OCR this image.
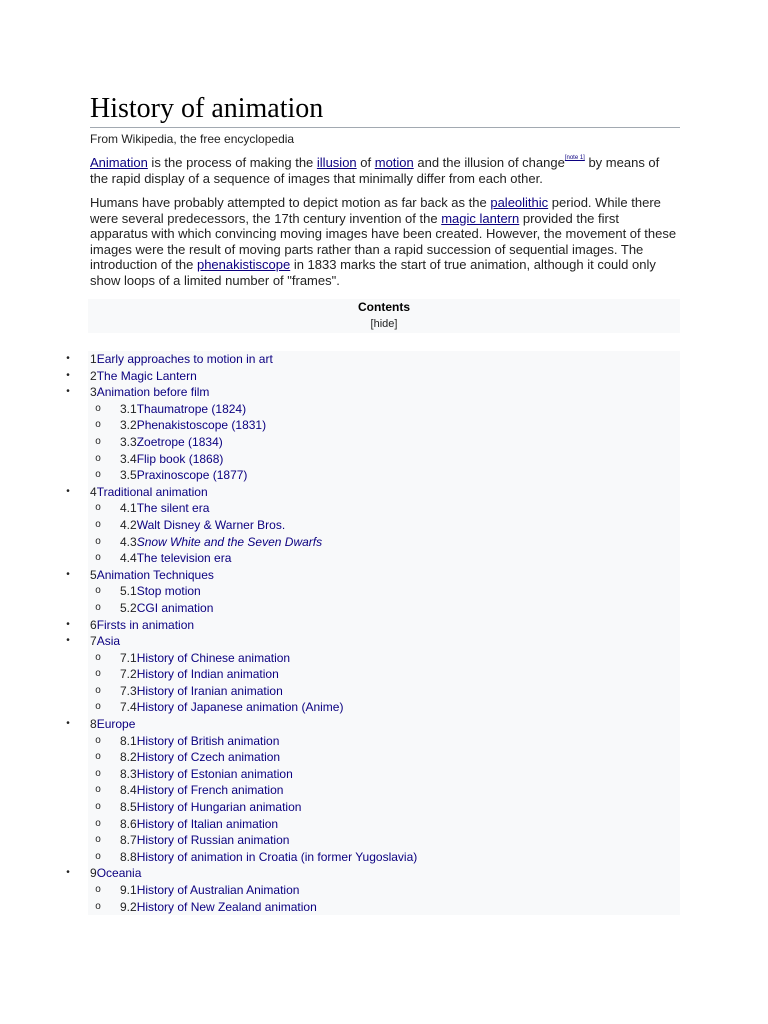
History of animation
From Wikipedia, the free encyclopedia

Animation is the process of making the illusion of motion and the illusion of change[note 1] by means of the rapid display of a sequence of images that minimally differ from each other.

Humans have probably attempted to depict motion as far back as the paleolithic period. While there were several predecessors, the 17th century invention of the magic lantern provided the first apparatus with which convincing moving images have been created. However, the movement of these images were the result of moving parts rather than a rapid succession of sequential images. The introduction of the phenakistiscope in 1833 marks the start of true animation, although it could only show loops of a limited number of "frames".

Contents
[hide]
• 1Early approaches to motion in art
• 2The Magic Lantern
• 3Animation before film
o 3.1Thaumatrope (1824)
o 3.2Phenakistoscope (1831)
o 3.3Zoetrope (1834)
o 3.4Flip book (1868)
o 3.5Praxinoscope (1877)
• 4Traditional animation
o 4.1The silent era
o 4.2Walt Disney & Warner Bros.
o 4.3Snow White and the Seven Dwarfs
o 4.4The television era
• 5Animation Techniques
o 5.1Stop motion
o 5.2CGI animation
• 6Firsts in animation
• 7Asia
o 7.1History of Chinese animation
o 7.2History of Indian animation
o 7.3History of Iranian animation
o 7.4History of Japanese animation (Anime)
• 8Europe
o 8.1History of British animation
o 8.2History of Czech animation
o 8.3History of Estonian animation
o 8.4History of French animation
o 8.5History of Hungarian animation
o 8.6History of Italian animation
o 8.7History of Russian animation
o 8.8History of animation in Croatia (in former Yugoslavia)
• 9Oceania
o 9.1History of Australian Animation
o 9.2History of New Zealand animation
